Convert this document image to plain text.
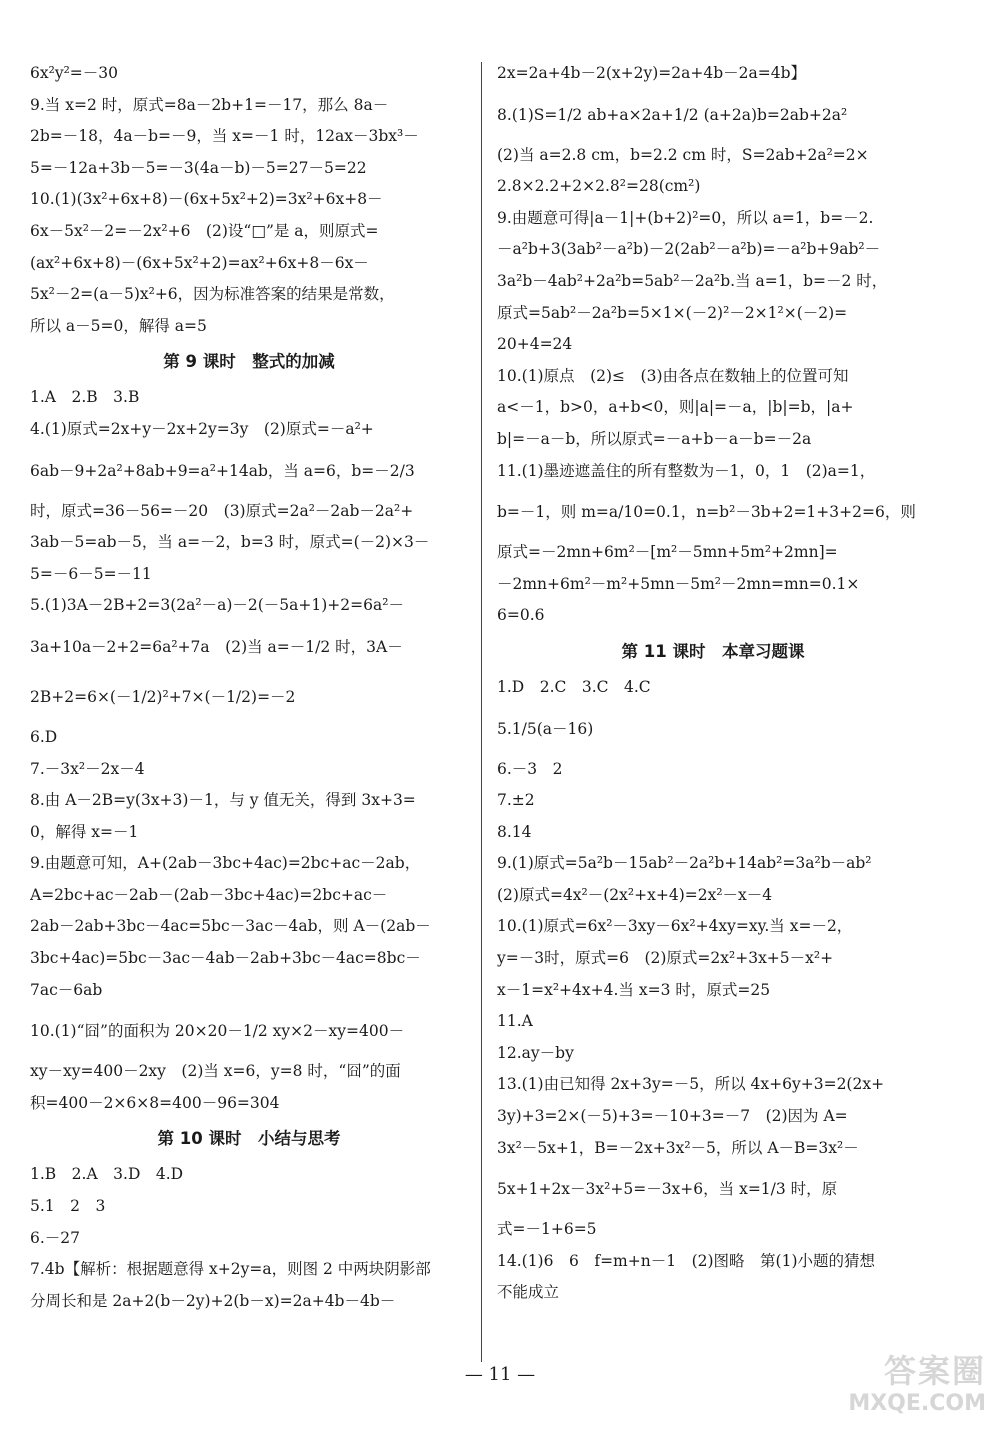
6x²y²=－30
9.当 x=2 时，原式=8a－2b+1=－17，那么 8a－
2b=－18，4a－b=－9，当 x=－1 时，12ax－3bx³－
5=－12a+3b－5=－3(4a－b)－5=27－5=22
10.(1)(3x²+6x+8)－(6x+5x²+2)=3x²+6x+8－
6x－5x²－2=－2x²+6　(2)设“□”是 a，则原式=
(ax²+6x+8)－(6x+5x²+2)=ax²+6x+8－6x－
5x²－2=(a－5)x²+6，因为标准答案的结果是常数，
所以 a－5=0，解得 a=5
第 9 课时　整式的加减
1.A　2.B　3.B
4.(1)原式=2x+y－2x+2y=3y　(2)原式=－a²+
6ab－9+2a²+8ab+9=a²+14ab，当 a=6，b=－2/3
时，原式=36－56=－20　(3)原式=2a²－2ab－2a²+
3ab－5=ab－5，当 a=－2，b=3 时，原式=(－2)×3－
5=－6－5=－11
5.(1)3A－2B+2=3(2a²－a)－2(－5a+1)+2=6a²－
3a+10a－2+2=6a²+7a　(2)当 a=－1/2 时，3A－
2B+2=6×(－1/2)²+7×(－1/2)=－2
6.D
7.－3x²－2x－4
8.由 A－2B=y(3x+3)－1，与 y 值无关，得到 3x+3=
0，解得 x=－1
9.由题意可知，A+(2ab－3bc+4ac)=2bc+ac－2ab，
A=2bc+ac－2ab－(2ab－3bc+4ac)=2bc+ac－
2ab－2ab+3bc－4ac=5bc－3ac－4ab，则 A－(2ab－
3bc+4ac)=5bc－3ac－4ab－2ab+3bc－4ac=8bc－
7ac－6ab
10.(1)“囧”的面积为 20×20－1/2 xy×2－xy=400－
xy－xy=400－2xy　(2)当 x=6，y=8 时，“囧”的面
积=400－2×6×8=400－96=304
第 10 课时　小结与思考
1.B　2.A　3.D　4.D
5.1　2　3
6.－27
7.4b【解析：根据题意得 x+2y=a，则图 2 中两块阴影部
分周长和是 2a+2(b－2y)+2(b－x)=2a+4b－4b－
2x=2a+4b－2(x+2y)=2a+4b－2a=4b】
8.(1)S=1/2 ab+a×2a+1/2 (a+2a)b=2ab+2a²
(2)当 a=2.8 cm，b=2.2 cm 时，S=2ab+2a²=2×
2.8×2.2+2×2.8²=28(cm²)
9.由题意可得|a－1|+(b+2)²=0，所以 a=1，b=－2.
－a²b+3(3ab²－a²b)－2(2ab²－a²b)=－a²b+9ab²－
3a²b－4ab²+2a²b=5ab²－2a²b.当 a=1，b=－2 时，
原式=5ab²－2a²b=5×1×(－2)²－2×1²×(－2)=
20+4=24
10.(1)原点　(2)≤　(3)由各点在数轴上的位置可知
a<－1，b>0，a+b<0，则|a|=－a，|b|=b，|a+
b|=－a－b，所以原式=－a+b－a－b=－2a
11.(1)墨迹遮盖住的所有整数为－1，0，1　(2)a=1，
b=－1，则 m=a/10=0.1，n=b²－3b+2=1+3+2=6，则
原式=－2mn+6m²－[m²－5mn+5m²+2mn]=
－2mn+6m²－m²+5mn－5m²－2mn=mn=0.1×
6=0.6
第 11 课时　本章习题课
1.D　2.C　3.C　4.C
5.1/5(a－16)
6.－3　2
7.±2
8.14
9.(1)原式=5a²b－15ab²－2a²b+14ab²=3a²b－ab²
(2)原式=4x²－(2x²+x+4)=2x²－x－4
10.(1)原式=6x²－3xy－6x²+4xy=xy.当 x=－2，
y=－3时，原式=6　(2)原式=2x²+3x+5－x²+
x－1=x²+4x+4.当 x=3 时，原式=25
11.A
12.ay－by
13.(1)由已知得 2x+3y=－5，所以 4x+6y+3=2(2x+
3y)+3=2×(－5)+3=－10+3=－7　(2)因为 A=
3x²－5x+1，B=－2x+3x²－5，所以 A－B=3x²－
5x+1+2x－3x²+5=－3x+6，当 x=1/3 时，原
式=－1+6=5
14.(1)6　6　f=m+n－1　(2)图略　第(1)小题的猜想
不能成立
— 11 —	答案圈
MXQE.COM
